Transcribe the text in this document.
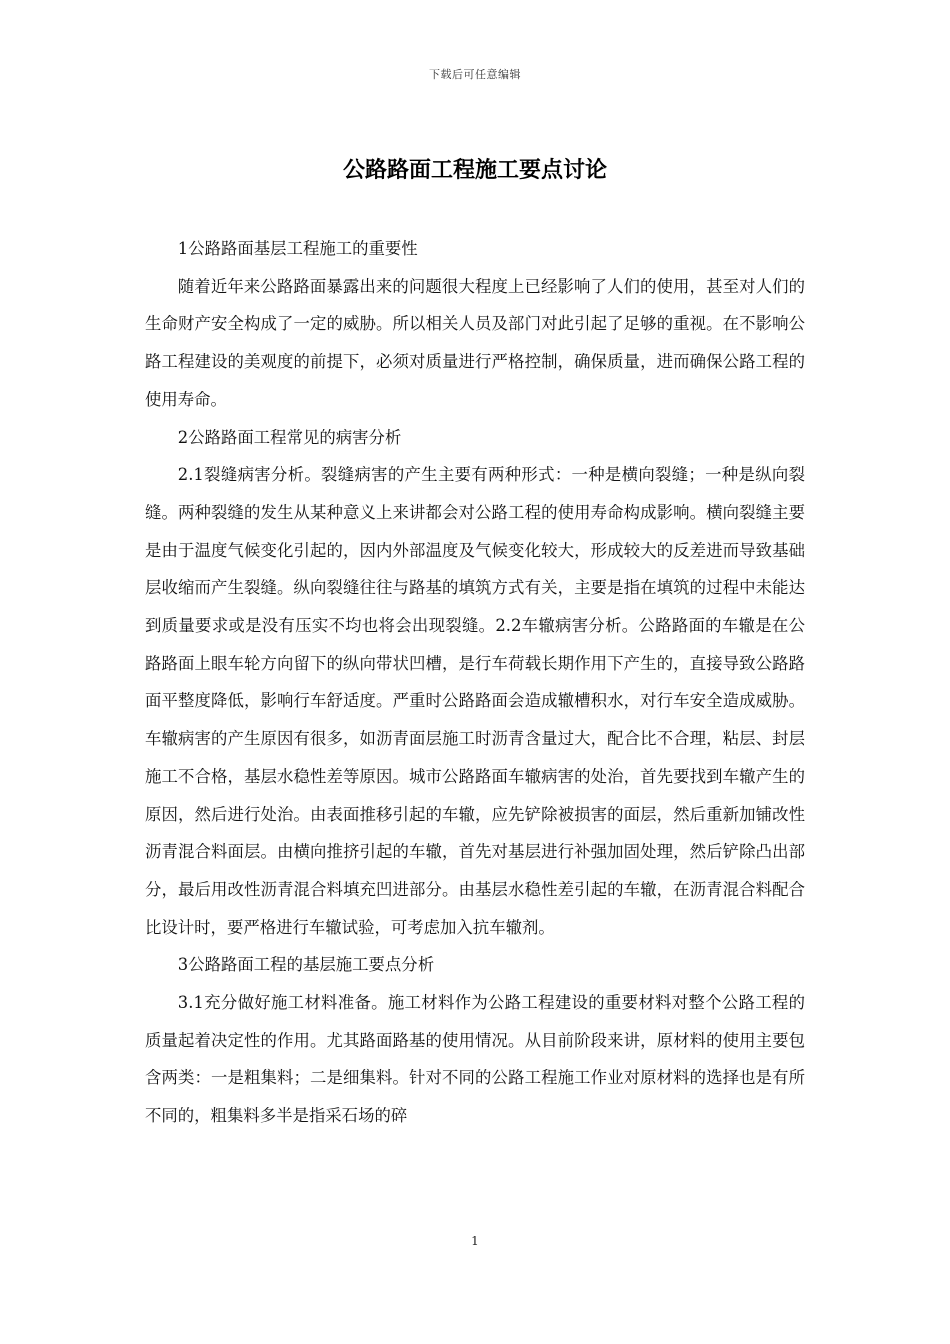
下载后可任意编辑
公路路面工程施工要点讨论

1公路路面基层工程施工的重要性

随着近年来公路路面暴露出来的问题很大程度上已经影响了人们的使用，甚至对人们的生命财产安全构成了一定的威胁。所以相关人员及部门对此引起了足够的重视。在不影响公路工程建设的美观度的前提下，必须对质量进行严格控制，确保质量，进而确保公路工程的使用寿命。

2公路路面工程常见的病害分析

2.1裂缝病害分析。裂缝病害的产生主要有两种形式：一种是横向裂缝；一种是纵向裂缝。两种裂缝的发生从某种意义上来讲都会对公路工程的使用寿命构成影响。横向裂缝主要是由于温度气候变化引起的，因内外部温度及气候变化较大，形成较大的反差进而导致基础层收缩而产生裂缝。纵向裂缝往往与路基的填筑方式有关，主要是指在填筑的过程中未能达到质量要求或是没有压实不均也将会出现裂缝。2.2车辙病害分析。公路路面的车辙是在公路路面上眼车轮方向留下的纵向带状凹槽，是行车荷载长期作用下产生的，直接导致公路路面平整度降低，影响行车舒适度。严重时公路路面会造成辙槽积水，对行车安全造成威胁。车辙病害的产生原因有很多，如沥青面层施工时沥青含量过大，配合比不合理，粘层、封层施工不合格，基层水稳性差等原因。城市公路路面车辙病害的处治，首先要找到车辙产生的原因，然后进行处治。由表面推移引起的车辙，应先铲除被损害的面层，然后重新加铺改性沥青混合料面层。由横向推挤引起的车辙，首先对基层进行补强加固处理，然后铲除凸出部分，最后用改性沥青混合料填充凹进部分。由基层水稳性差引起的车辙，在沥青混合料配合比设计时，要严格进行车辙试验，可考虑加入抗车辙剂。

3公路路面工程的基层施工要点分析

3.1充分做好施工材料准备。施工材料作为公路工程建设的重要材料对整个公路工程的质量起着决定性的作用。尤其路面路基的使用情况。从目前阶段来讲，原材料的使用主要包含两类：一是粗集料；二是细集料。针对不同的公路工程施工作业对原材料的选择也是有所不同的，粗集料多半是指采石场的碎

1
